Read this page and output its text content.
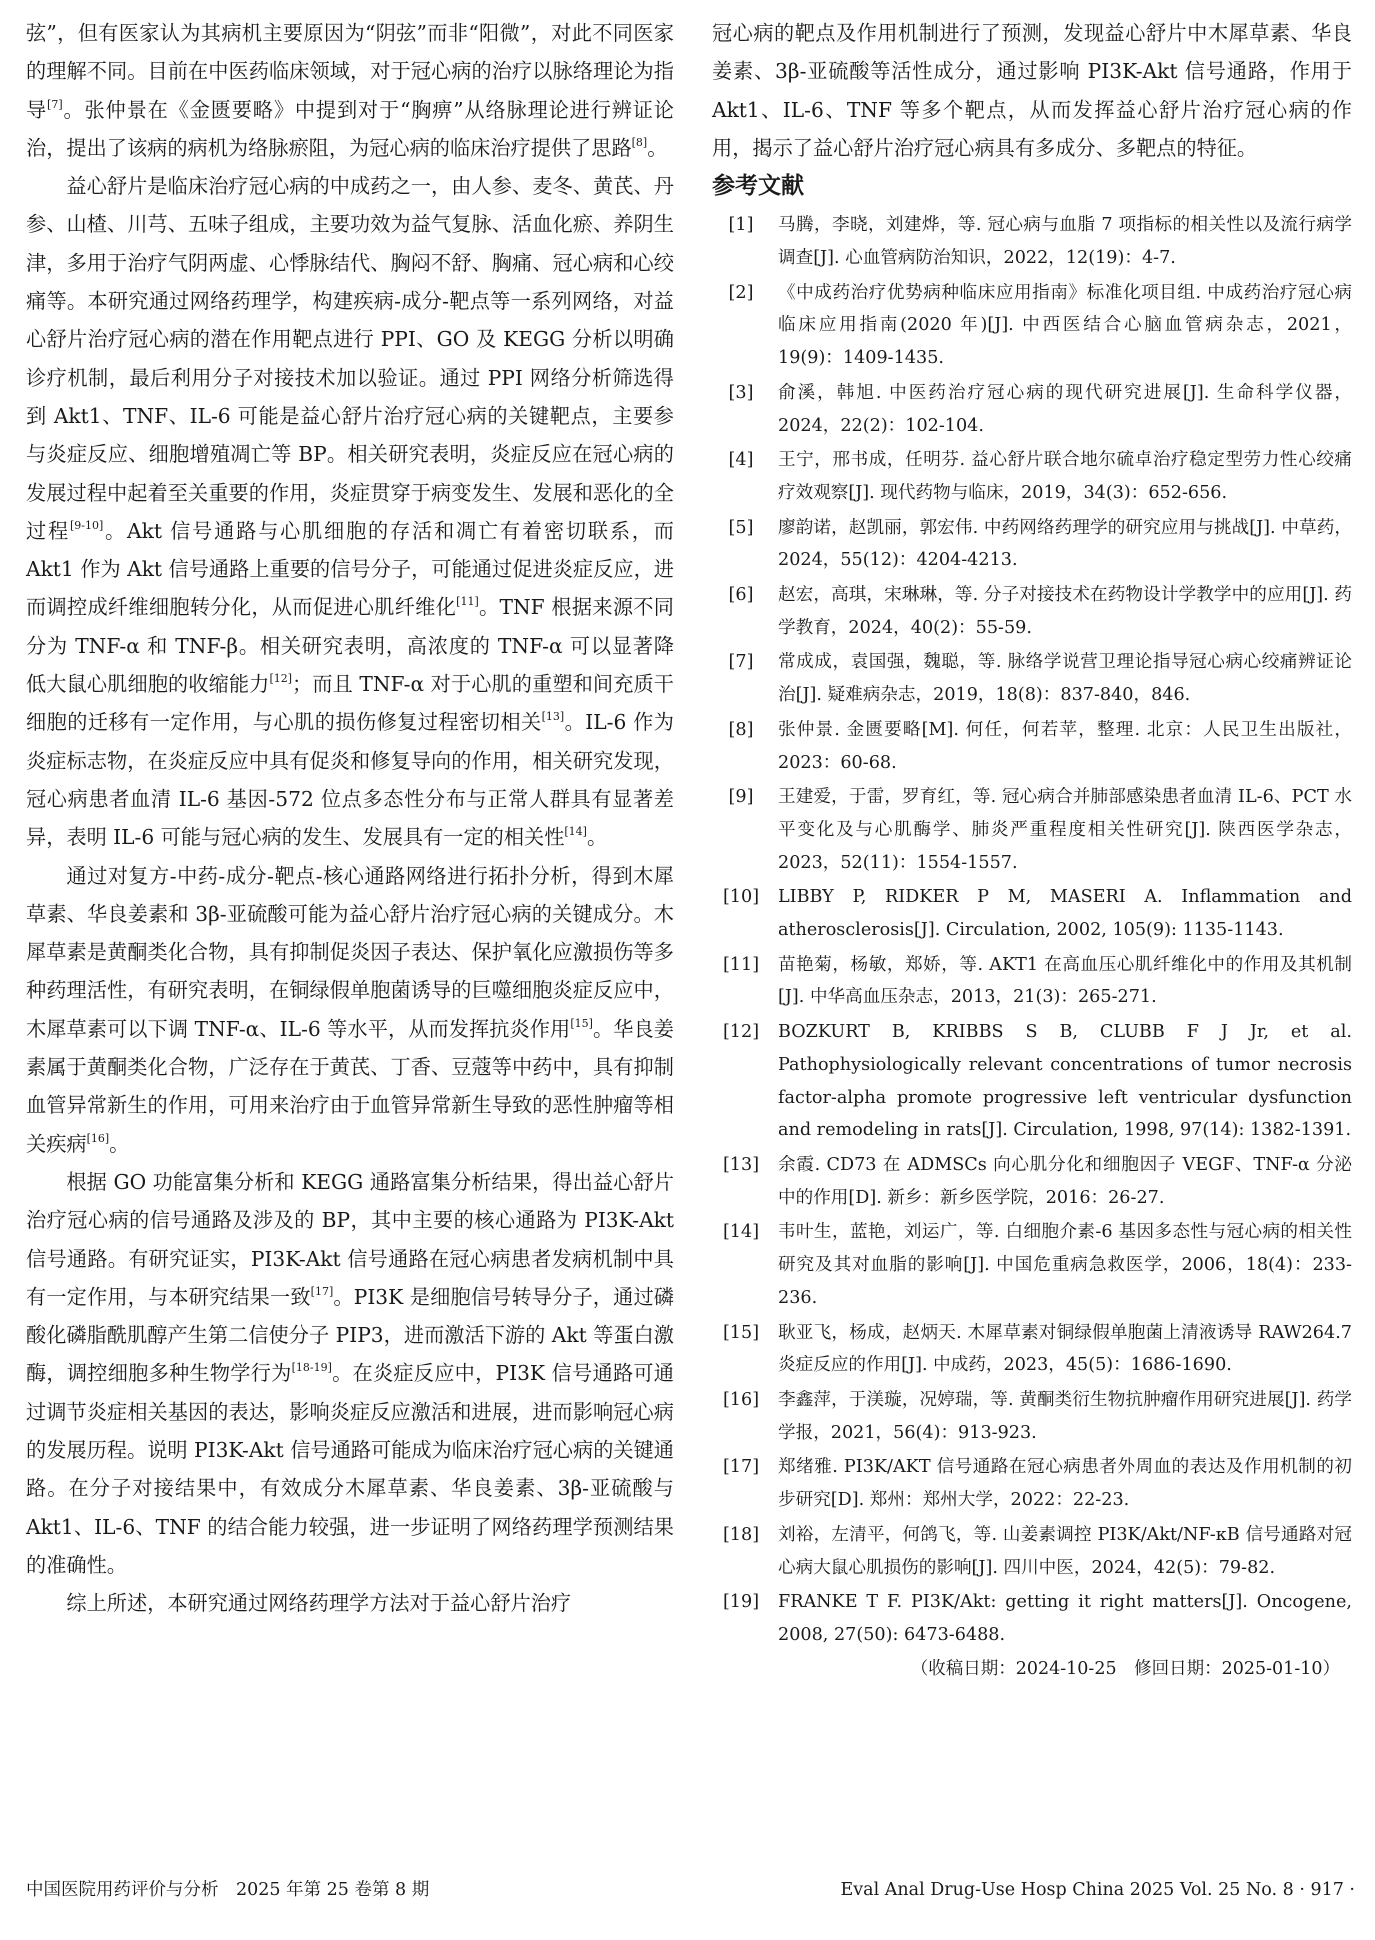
弦”，但有医家认为其病机主要原因为“阴弦”而非“阳微”，对此不同医家的理解不同。目前在中医药临床领域，对于冠心病的治疗以脉络理论为指导[7]。张仲景在《金匮要略》中提到对于“胸痹”从络脉理论进行辨证论治，提出了该病的病机为络脉瘀阻，为冠心病的临床治疗提供了思路[8]。

益心舒片是临床治疗冠心病的中成药之一，由人参、麦冬、黄芪、丹参、山楂、川芎、五味子组成，主要功效为益气复脉、活血化瘀、养阴生津，多用于治疗气阴两虚、心悸脉结代、胸闷不舒、胸痛、冠心病和心绞痛等。本研究通过网络药理学，构建疾病-成分-靶点等一系列网络，对益心舒片治疗冠心病的潜在作用靶点进行 PPI、GO 及 KEGG 分析以明确诊疗机制，最后利用分子对接技术加以验证。通过 PPI 网络分析筛选得到 Akt1、TNF、IL-6 可能是益心舒片治疗冠心病的关键靶点，主要参与炎症反应、细胞增殖凋亡等 BP。相关研究表明，炎症反应在冠心病的发展过程中起着至关重要的作用，炎症贯穿于病变发生、发展和恶化的全过程[9-10]。Akt 信号通路与心肌细胞的存活和凋亡有着密切联系，而 Akt1 作为 Akt 信号通路上重要的信号分子，可能通过促进炎症反应，进而调控成纤维细胞转分化，从而促进心肌纤维化[11]。TNF 根据来源不同分为 TNF-α 和 TNF-β。相关研究表明，高浓度的 TNF-α 可以显著降低大鼠心肌细胞的收缩能力[12]；而且 TNF-α 对于心肌的重塑和间充质干细胞的迁移有一定作用，与心肌的损伤修复过程密切相关[13]。IL-6 作为炎症标志物，在炎症反应中具有促炎和修复导向的作用，相关研究发现，冠心病患者血清 IL-6 基因-572 位点多态性分布与正常人群具有显著差异，表明 IL-6 可能与冠心病的发生、发展具有一定的相关性[14]。

通过对复方-中药-成分-靶点-核心通路网络进行拓扑分析，得到木犀草素、华良姜素和 3β-亚硫酸可能为益心舒片治疗冠心病的关键成分。木犀草素是黄酮类化合物，具有抑制促炎因子表达、保护氧化应激损伤等多种药理活性，有研究表明，在铜绿假单胞菌诱导的巨噬细胞炎症反应中，木犀草素可以下调 TNF-α、IL-6 等水平，从而发挥抗炎作用[15]。华良姜素属于黄酮类化合物，广泛存在于黄芪、丁香、豆蔻等中药中，具有抑制血管异常新生的作用，可用来治疗由于血管异常新生导致的恶性肿瘤等相关疾病[16]。

根据 GO 功能富集分析和 KEGG 通路富集分析结果，得出益心舒片治疗冠心病的信号通路及涉及的 BP，其中主要的核心通路为 PI3K-Akt 信号通路。有研究证实，PI3K-Akt 信号通路在冠心病患者发病机制中具有一定作用，与本研究结果一致[17]。PI3K 是细胞信号转导分子，通过磷酸化磷脂酰肌醇产生第二信使分子 PIP3，进而激活下游的 Akt 等蛋白激酶，调控细胞多种生物学行为[18-19]。在炎症反应中，PI3K 信号通路可通过调节炎症相关基因的表达，影响炎症反应激活和进展，进而影响冠心病的发展历程。说明 PI3K-Akt 信号通路可能成为临床治疗冠心病的关键通路。在分子对接结果中，有效成分木犀草素、华良姜素、3β-亚硫酸与 Akt1、IL-6、TNF 的结合能力较强，进一步证明了网络药理学预测结果的准确性。

综上所述，本研究通过网络药理学方法对于益心舒片治疗

冠心病的靶点及作用机制进行了预测，发现益心舒片中木犀草素、华良姜素、3β-亚硫酸等活性成分，通过影响 PI3K-Akt 信号通路，作用于 Akt1、IL-6、TNF 等多个靶点，从而发挥益心舒片治疗冠心病的作用，揭示了益心舒片治疗冠心病具有多成分、多靶点的特征。

参考文献
[1]	马腾，李晓，刘建烨，等. 冠心病与血脂 7 项指标的相关性以及流行病学调查[J]. 心血管病防治知识，2022，12(19)：4-7.
[2]	《中成药治疗优势病种临床应用指南》标准化项目组. 中成药治疗冠心病临床应用指南(2020 年)[J]. 中西医结合心脑血管病杂志，2021，19(9)：1409-1435.
[3]	俞溪，韩旭. 中医药治疗冠心病的现代研究进展[J]. 生命科学仪器，2024，22(2)：102-104.
[4]	王宁，邢书成，任明芬. 益心舒片联合地尔硫卓治疗稳定型劳力性心绞痛疗效观察[J]. 现代药物与临床，2019，34(3)：652-656.
[5]	廖韵诺，赵凯丽，郭宏伟. 中药网络药理学的研究应用与挑战[J]. 中草药，2024，55(12)：4204-4213.
[6]	赵宏，高琪，宋琳琳，等. 分子对接技术在药物设计学教学中的应用[J]. 药学教育，2024，40(2)：55-59.
[7]	常成成，袁国强，魏聪，等. 脉络学说营卫理论指导冠心病心绞痛辨证论治[J]. 疑难病杂志，2019，18(8)：837-840，846.
[8]	张仲景. 金匮要略[M]. 何任，何若苹，整理. 北京：人民卫生出版社，2023：60-68.
[9]	王建爱，于雷，罗育红，等. 冠心病合并肺部感染患者血清 IL-6、PCT 水平变化及与心肌酶学、肺炎严重程度相关性研究[J]. 陕西医学杂志，2023，52(11)：1554-1557.
[10]	LIBBY P, RIDKER P M, MASERI A. Inflammation and atherosclerosis[J]. Circulation, 2002, 105(9): 1135-1143.
[11]	苗艳菊，杨敏，郑娇，等. AKT1 在高血压心肌纤维化中的作用及其机制[J]. 中华高血压杂志，2013，21(3)：265-271.
[12]	BOZKURT B, KRIBBS S B, CLUBB F J Jr, et al. Pathophysiologically relevant concentrations of tumor necrosis factor-alpha promote progressive left ventricular dysfunction and remodeling in rats[J]. Circulation, 1998, 97(14): 1382-1391.
[13]	余霞. CD73 在 ADMSCs 向心肌分化和细胞因子 VEGF、TNF-α 分泌中的作用[D]. 新乡：新乡医学院，2016：26-27.
[14]	韦叶生，蓝艳，刘运广，等. 白细胞介素-6 基因多态性与冠心病的相关性研究及其对血脂的影响[J]. 中国危重病急救医学，2006，18(4)：233-236.
[15]	耿亚飞，杨成，赵炳天. 木犀草素对铜绿假单胞菌上清液诱导 RAW264.7 炎症反应的作用[J]. 中成药，2023，45(5)：1686-1690.
[16]	李鑫萍，于渼璇，况婷瑞，等. 黄酮类衍生物抗肿瘤作用研究进展[J]. 药学学报，2021，56(4)：913-923.
[17]	郑绪雅. PI3K/AKT 信号通路在冠心病患者外周血的表达及作用机制的初步研究[D]. 郑州：郑州大学，2022：22-23.
[18]	刘裕，左清平，何鸽飞，等. 山姜素调控 PI3K/Akt/NF-κB 信号通路对冠心病大鼠心肌损伤的影响[J]. 四川中医，2024，42(5)：79-82.
[19]	FRANKE T F. PI3K/Akt: getting it right matters[J]. Oncogene, 2008, 27(50): 6473-6488.
（收稿日期：2024-10-25　修回日期：2025-01-10）
中国医院用药评价与分析　2025 年第 25 卷第 8 期	Eval Anal Drug-Use Hosp China 2025 Vol. 25 No. 8 · 917 ·
